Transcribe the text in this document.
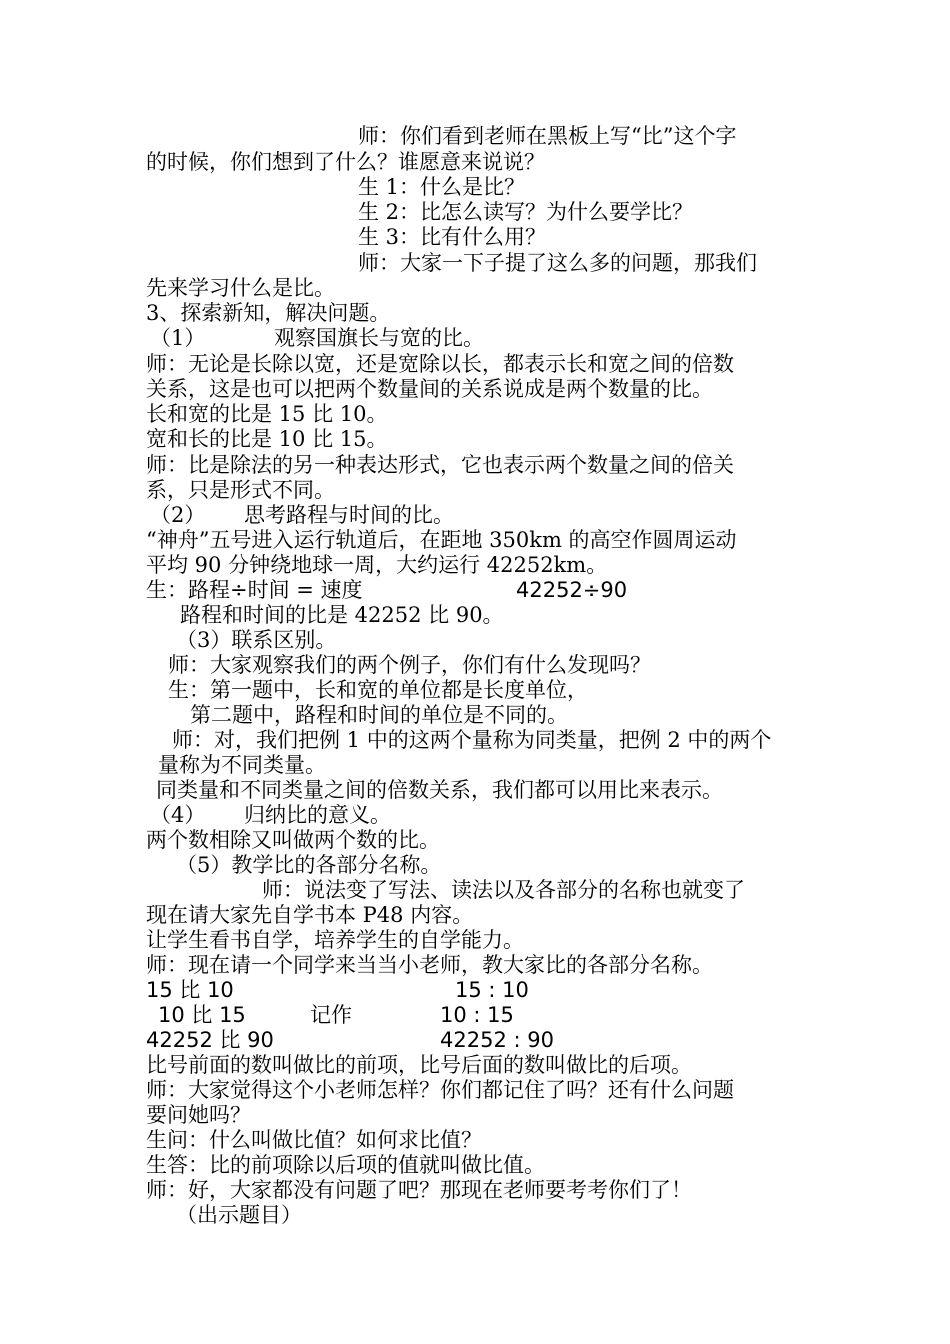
师：你们看到老师在黑板上写“比”这个字
的时候，你们想到了什么？谁愿意来说说？
生 1：什么是比？
生 2：比怎么读写？为什么要学比？
生 3：比有什么用？
师：大家一下子提了这么多的问题，那我们
先来学习什么是比。
3、探索新知，解决问题。
（1）	观察国旗长与宽的比。
师：无论是长除以宽，还是宽除以长，都表示长和宽之间的倍数
关系，这是也可以把两个数量间的关系说成是两个数量的比。
长和宽的比是 15 比 10。
宽和长的比是 10 比 15。
师：比是除法的另一种表达形式，它也表示两个数量之间的倍关
系，只是形式不同。
（2） 思考路程与时间的比。
“神舟”五号进入运行轨道后，在距地 350km 的高空作圆周运动
平均 90 分钟绕地球一周，大约运行 42252km。
生：路程÷时间 = 速度	42252÷90
路程和时间的比是 42252 比 90。
（3）联系区别。
师：大家观察我们的两个例子，你们有什么发现吗？
生：第一题中，长和宽的单位都是长度单位，
第二题中，路程和时间的单位是不同的。
师：对，我们把例 1 中的这两个量称为同类量，把例 2 中的两个
量称为不同类量。
同类量和不同类量之间的倍数关系，我们都可以用比来表示。
（4） 归纳比的意义。
两个数相除又叫做两个数的比。
（5）教学比的各部分名称。
师：说法变了写法、读法以及各部分的名称也就变了
现在请大家先自学书本 P48 内容。
让学生看书自学，培养学生的自学能力。
师：现在请一个同学来当当小老师，教大家比的各部分名称。
15 比 10	15 : 10
10 比 15	记作	10 : 15
42252 比 90	42252 : 90
比号前面的数叫做比的前项，比号后面的数叫做比的后项。
师：大家觉得这个小老师怎样？你们都记住了吗？还有什么问题
要问她吗？
生问：什么叫做比值？如何求比值？
生答：比的前项除以后项的值就叫做比值。
师：好，大家都没有问题了吧？那现在老师要考考你们了！
（出示题目）
